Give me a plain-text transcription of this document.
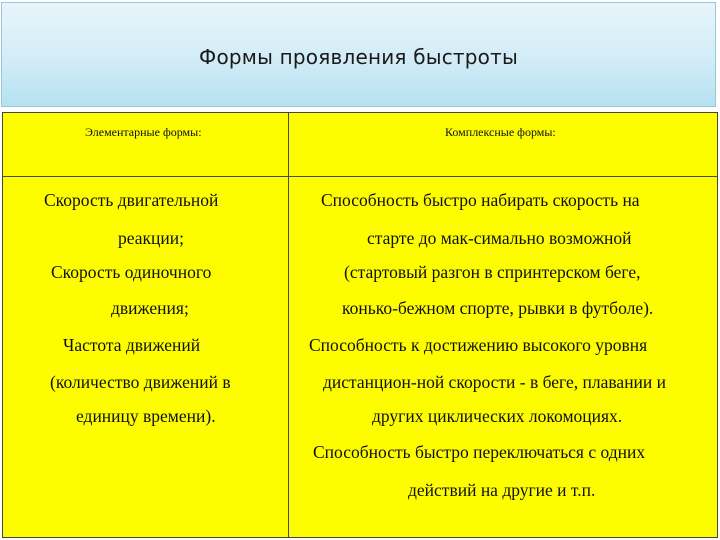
Формы проявления быстроты
Элементарные формы:	Комплексные формы:
Скорость двигательной
реакции;
Скорость одиночного
движения;
Частота движений
(количество движений в
единицу времени).
Способность быстро набирать скорость на
старте до мак-симально возможной
(стартовый разгон в спринтерском беге,
конько-бежном спорте, рывки в футболе).
Способность к достижению высокого уровня
дистанцион-ной скорости - в беге, плавании и
других циклических локомоциях.
Способность быстро переключаться с одних
действий на другие и т.п.
